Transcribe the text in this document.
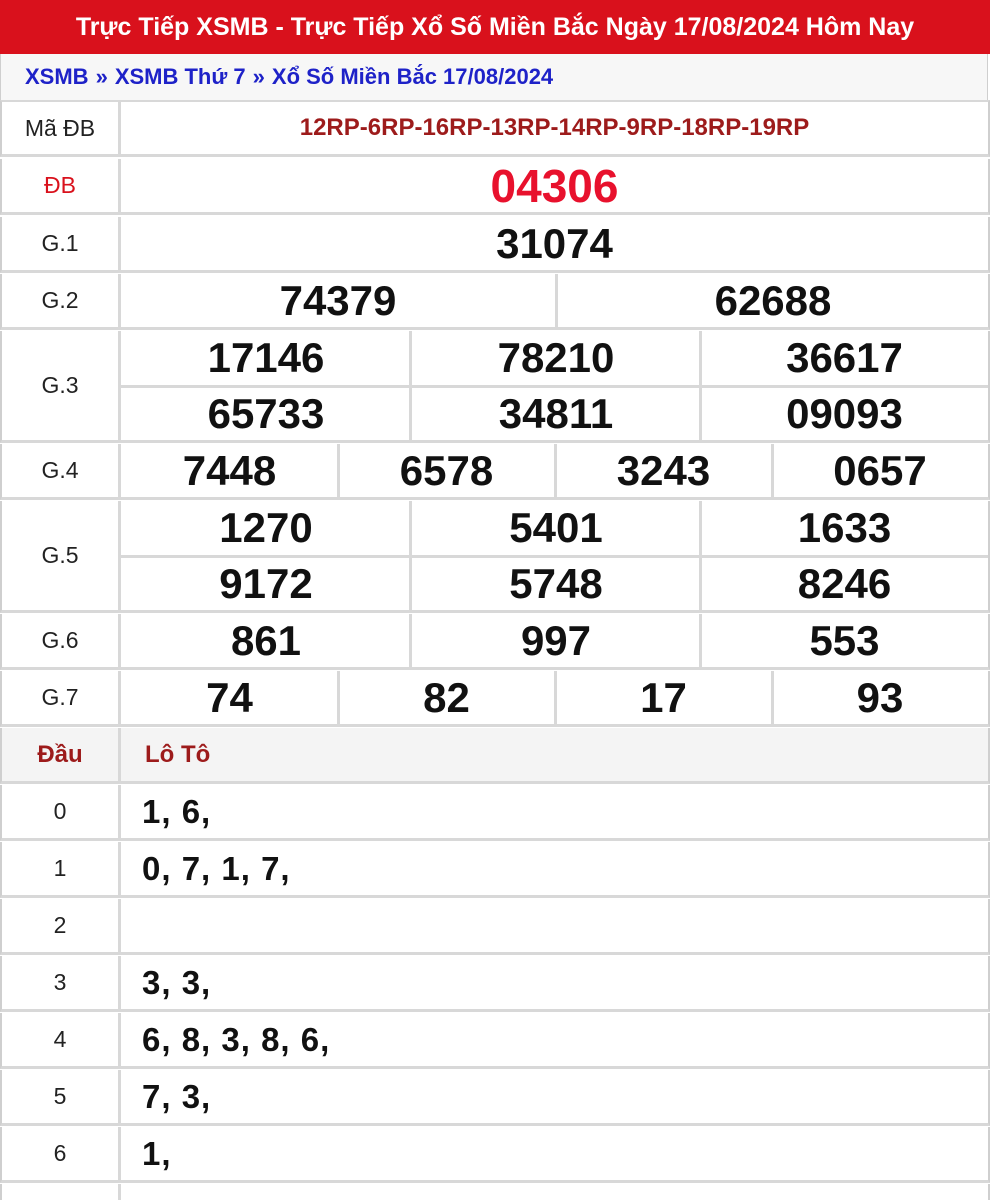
Trực Tiếp XSMB - Trực Tiếp Xổ Số Miền Bắc Ngày 17/08/2024 Hôm Nay
XSMB » XSMB Thứ 7 » Xổ Số Miền Bắc 17/08/2024
Mã ĐB	12RP-6RP-16RP-13RP-14RP-9RP-18RP-19RP
ĐB	04306
G.1	31074
G.2	74379	62688
G.3
17146	78210	36617
65733	34811	09093
G.4	7448	6578	3243	0657
G.5
1270	5401	1633
9172	5748	8246
G.6	861	997	553
G.7	74	82	17	93
Đầu	Lô Tô
0	1, 6,
1	0, 7, 1, 7,
2
3	3, 3,
4	6, 8, 3, 8, 6,
5	7, 3,
6	1,
